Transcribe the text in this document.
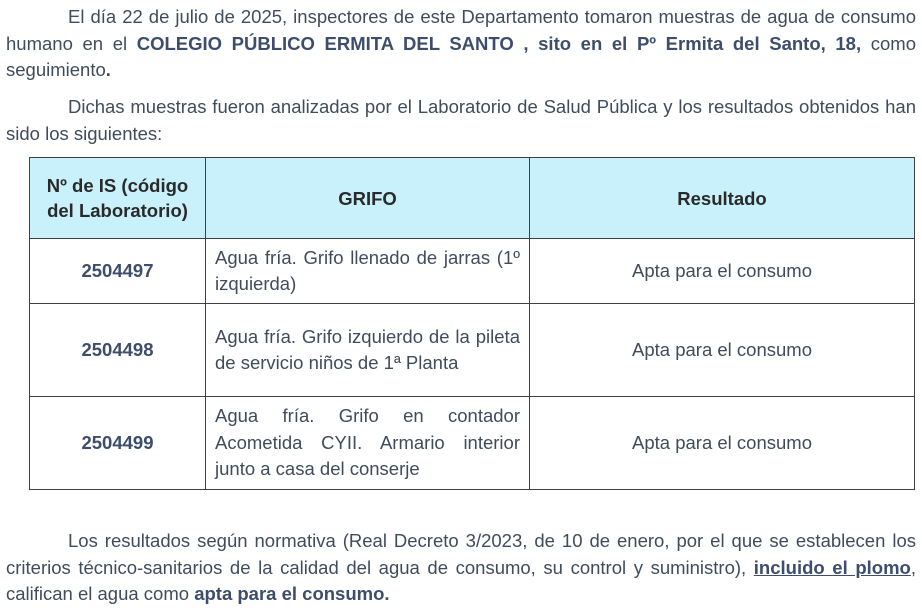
El día 22 de julio de 2025, inspectores de este Departamento tomaron muestras de agua de consumo humano en el COLEGIO PÚBLICO ERMITA DEL SANTO , sito en el Pº Ermita del Santo, 18, como seguimiento.

Dichas muestras fueron analizadas por el Laboratorio de Salud Pública y los resultados obtenidos han sido los siguientes:

Nº de IS (código del Laboratorio)	GRIFO	Resultado
2504497	Agua fría. Grifo llenado de jarras (1º izquierda)	Apta para el consumo
2504498	Agua fría. Grifo izquierdo de la pileta de servicio niños de 1ª Planta	Apta para el consumo
2504499	Agua fría. Grifo en contador Acometida CYII. Armario interior junto a casa del conserje	Apta para el consumo

Los resultados según normativa (Real Decreto 3/2023, de 10 de enero, por el que se establecen los criterios técnico-sanitarios de la calidad del agua de consumo, su control y suministro), incluido el plomo, califican el agua como apta para el consumo.
